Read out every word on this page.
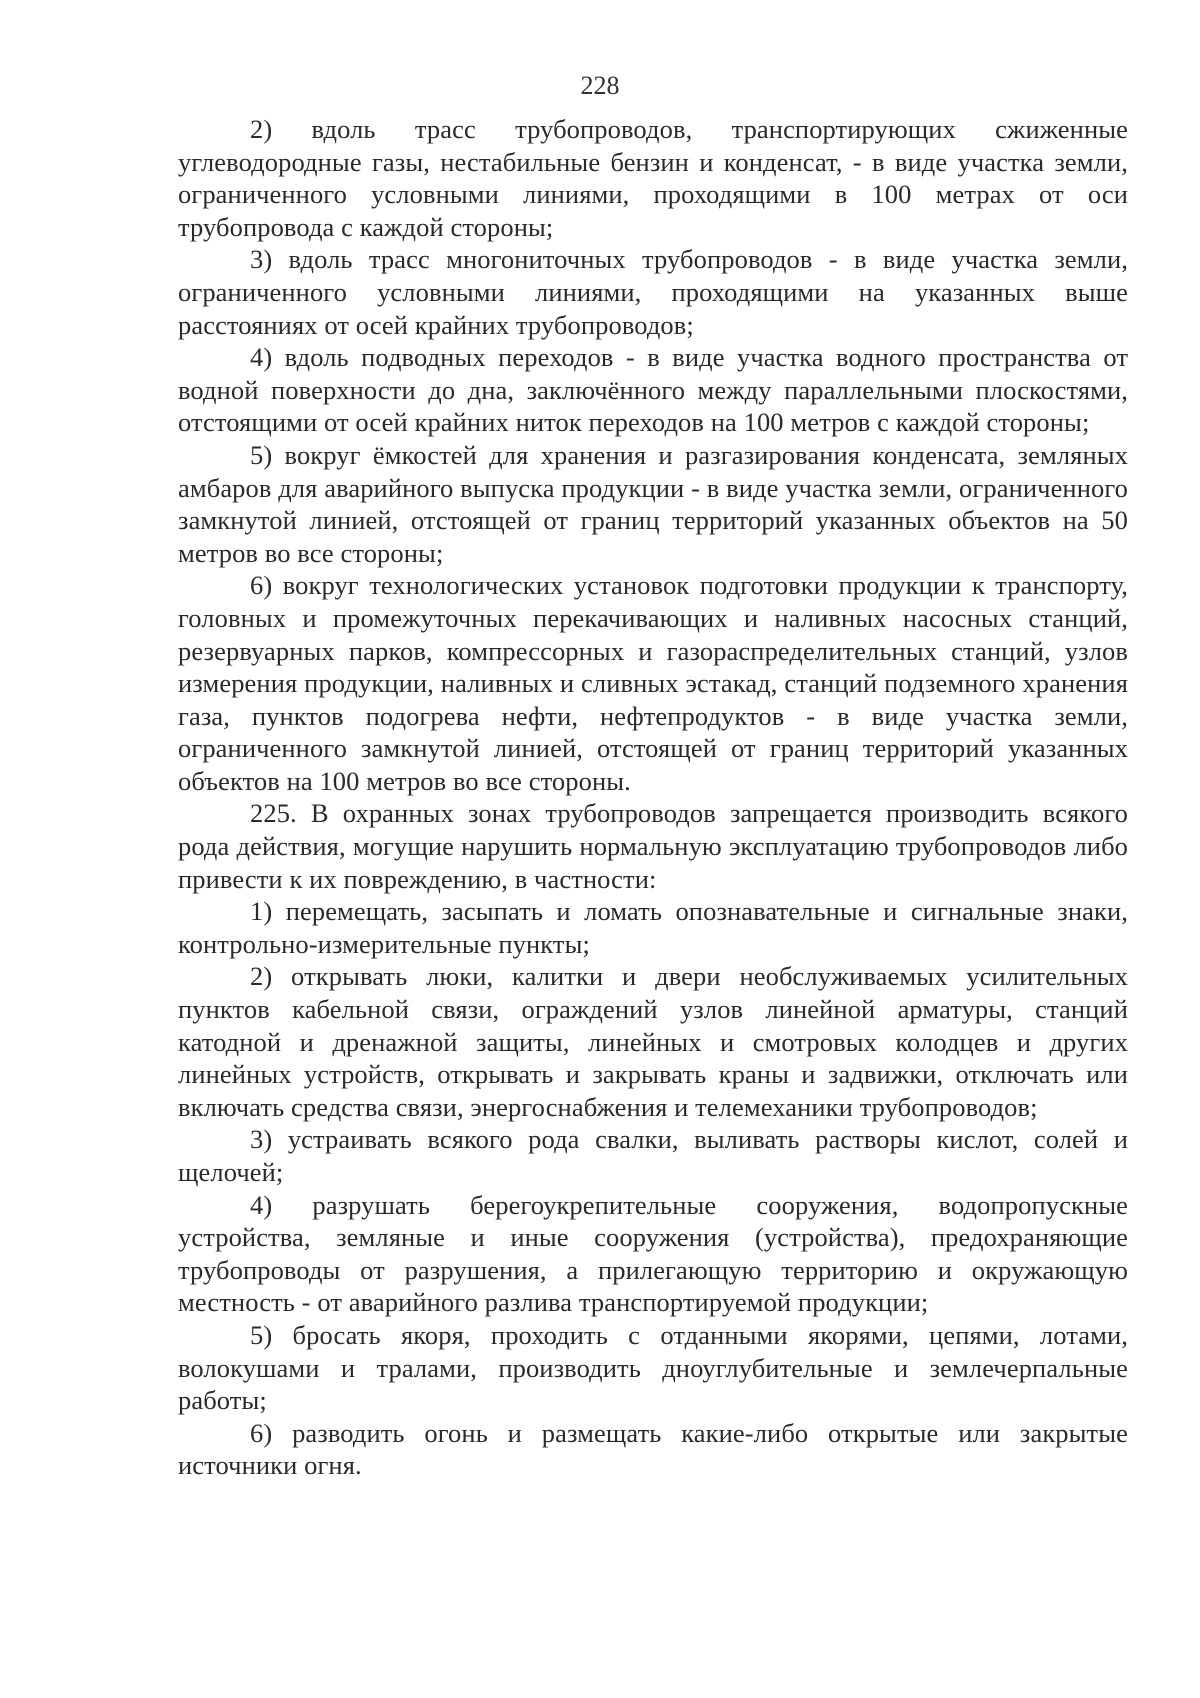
228

2) вдоль трасс трубопроводов, транспортирующих сжиженные углеводородные газы, нестабильные бензин и конденсат, - в виде участка земли, ограниченного условными линиями, проходящими в 100 метрах от оси трубопровода с каждой стороны;

3) вдоль трасс многониточных трубопроводов - в виде участка земли, ограниченного условными линиями, проходящими на указанных выше расстояниях от осей крайних трубопроводов;

4) вдоль подводных переходов - в виде участка водного пространства от водной поверхности до дна, заключённого между параллельными плоскостями, отстоящими от осей крайних ниток переходов на 100 метров с каждой стороны;

5) вокруг ёмкостей для хранения и разгазирования конденсата, земляных амбаров для аварийного выпуска продукции - в виде участка земли, ограниченного замкнутой линией, отстоящей от границ территорий указанных объектов на 50 метров во все стороны;

6) вокруг технологических установок подготовки продукции к транспорту, головных и промежуточных перекачивающих и наливных насосных станций, резервуарных парков, компрессорных и газораспределительных станций, узлов измерения продукции, наливных и сливных эстакад, станций подземного хранения газа, пунктов подогрева нефти, нефтепродуктов - в виде участка земли, ограниченного замкнутой линией, отстоящей от границ территорий указанных объектов на 100 метров во все стороны.

225. В охранных зонах трубопроводов запрещается производить всякого рода действия, могущие нарушить нормальную эксплуатацию трубопроводов либо привести к их повреждению, в частности:

1) перемещать, засыпать и ломать опознавательные и сигнальные знаки, контрольно-измерительные пункты;

2) открывать люки, калитки и двери необслуживаемых усилительных пунктов кабельной связи, ограждений узлов линейной арматуры, станций катодной и дренажной защиты, линейных и смотровых колодцев и других линейных устройств, открывать и закрывать краны и задвижки, отключать или включать средства связи, энергоснабжения и телемеханики трубопроводов;

3) устраивать всякого рода свалки, выливать растворы кислот, солей и щелочей;

4) разрушать берегоукрепительные сооружения, водопропускные устройства, земляные и иные сооружения (устройства), предохраняющие трубопроводы от разрушения, а прилегающую территорию и окружающую местность - от аварийного разлива транспортируемой продукции;

5) бросать якоря, проходить с отданными якорями, цепями, лотами, волокушами и тралами, производить дноуглубительные и землечерпальные работы;

6) разводить огонь и размещать какие-либо открытые или закрытые источники огня.
